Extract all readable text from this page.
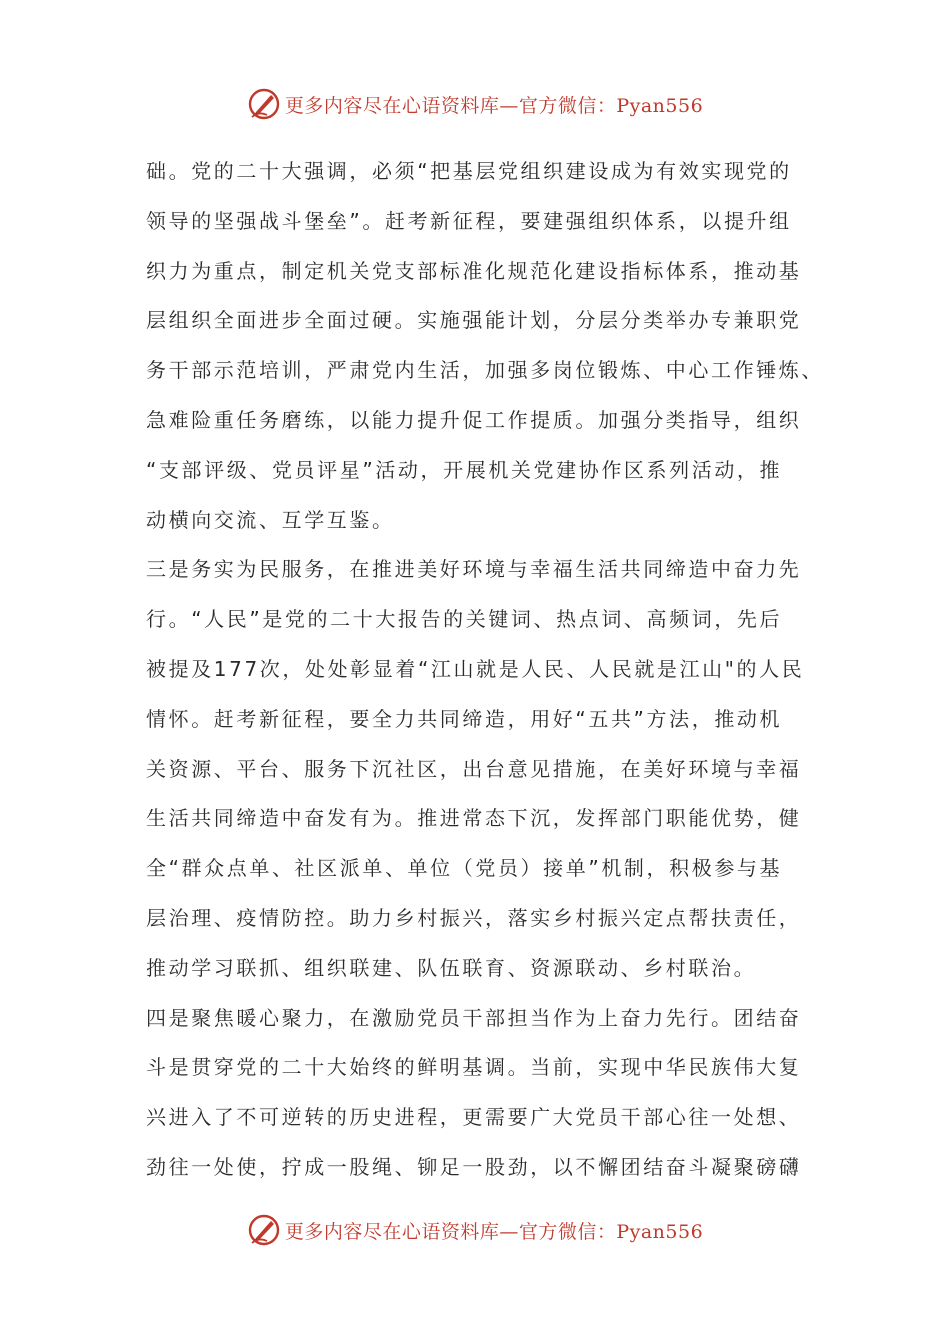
更多内容尽在心语资料库—官方微信：Pyan556
础。党的二十大强调，必须“把基层党组织建设成为有效实现党的
领导的坚强战斗堡垒”。赶考新征程，要建强组织体系，以提升组
织力为重点，制定机关党支部标准化规范化建设指标体系，推动基
层组织全面进步全面过硬。实施强能计划，分层分类举办专兼职党
务干部示范培训，严肃党内生活，加强多岗位锻炼、中心工作锤炼、
急难险重任务磨练，以能力提升促工作提质。加强分类指导，组织
“支部评级、党员评星”活动，开展机关党建协作区系列活动，推
动横向交流、互学互鉴。
三是务实为民服务，在推进美好环境与幸福生活共同缔造中奋力先
行。“人民”是党的二十大报告的关键词、热点词、高频词，先后
被提及177次，处处彰显着“江山就是人民、人民就是江山"的人民
情怀。赶考新征程，要全力共同缔造，用好“五共”方法，推动机
关资源、平台、服务下沉社区，出台意见措施，在美好环境与幸福
生活共同缔造中奋发有为。推进常态下沉，发挥部门职能优势，健
全“群众点单、社区派单、单位（党员）接单”机制，积极参与基
层治理、疫情防控。助力乡村振兴，落实乡村振兴定点帮扶责任，
推动学习联抓、组织联建、队伍联育、资源联动、乡村联治。
四是聚焦暖心聚力，在激励党员干部担当作为上奋力先行。团结奋
斗是贯穿党的二十大始终的鲜明基调。当前，实现中华民族伟大复
兴进入了不可逆转的历史进程，更需要广大党员干部心往一处想、
劲往一处使，拧成一股绳、铆足一股劲，以不懈团结奋斗凝聚磅礴
更多内容尽在心语资料库—官方微信：Pyan556
